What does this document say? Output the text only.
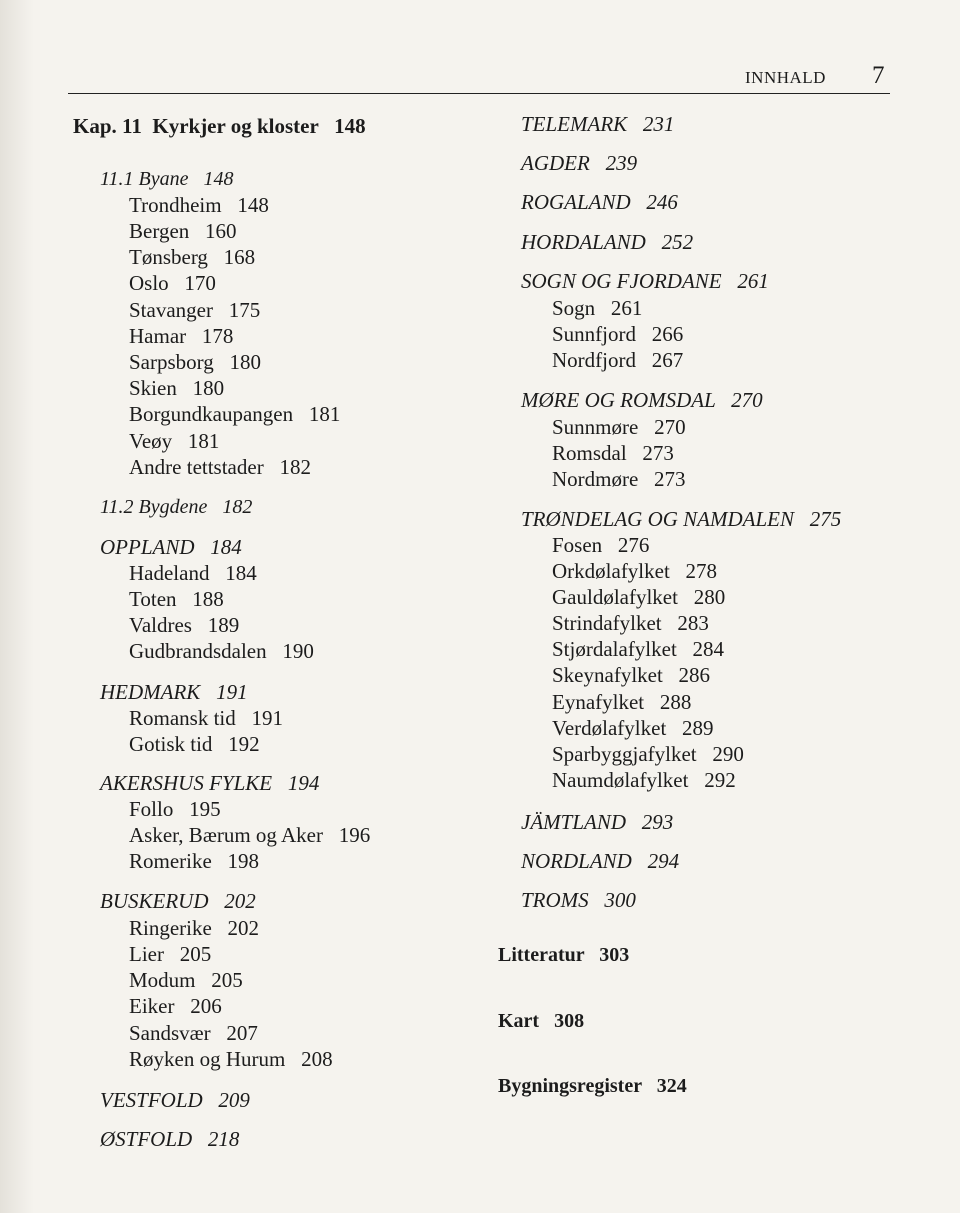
INNHALD 7
Kap. 11  Kyrkjer og kloster   148
11.1 Byane   148
Trondheim   148
Bergen   160
Tønsberg   168
Oslo   170
Stavanger   175
Hamar   178
Sarpsborg   180
Skien   180
Borgundkaupangen   181
Veøy   181
Andre tettstader   182
11.2 Bygdene   182
OPPLAND   184
Hadeland   184
Toten   188
Valdres   189
Gudbrandsdalen   190
HEDMARK   191
Romansk tid   191
Gotisk tid   192
AKERSHUS FYLKE   194
Follo   195
Asker, Bærum og Aker   196
Romerike   198
BUSKERUD   202
Ringerike   202
Lier   205
Modum   205
Eiker   206
Sandsvær   207
Røyken og Hurum   208
VESTFOLD   209
ØSTFOLD   218
TELEMARK   231
AGDER   239
ROGALAND   246
HORDALAND   252
SOGN OG FJORDANE   261
Sogn   261
Sunnfjord   266
Nordfjord   267
MØRE OG ROMSDAL   270
Sunnmøre   270
Romsdal   273
Nordmøre   273
TRØNDELAG OG NAMDALEN   275
Fosen   276
Orkdølafylket   278
Gauldølafylket   280
Strindafylket   283
Stjørdalafylket   284
Skeynafylket   286
Eynafylket   288
Verdølafylket   289
Sparbyggjafylket   290
Naumdølafylket   292
JÄMTLAND   293
NORDLAND   294
TROMS   300
Litteratur   303
Kart   308
Bygningsregister   324
